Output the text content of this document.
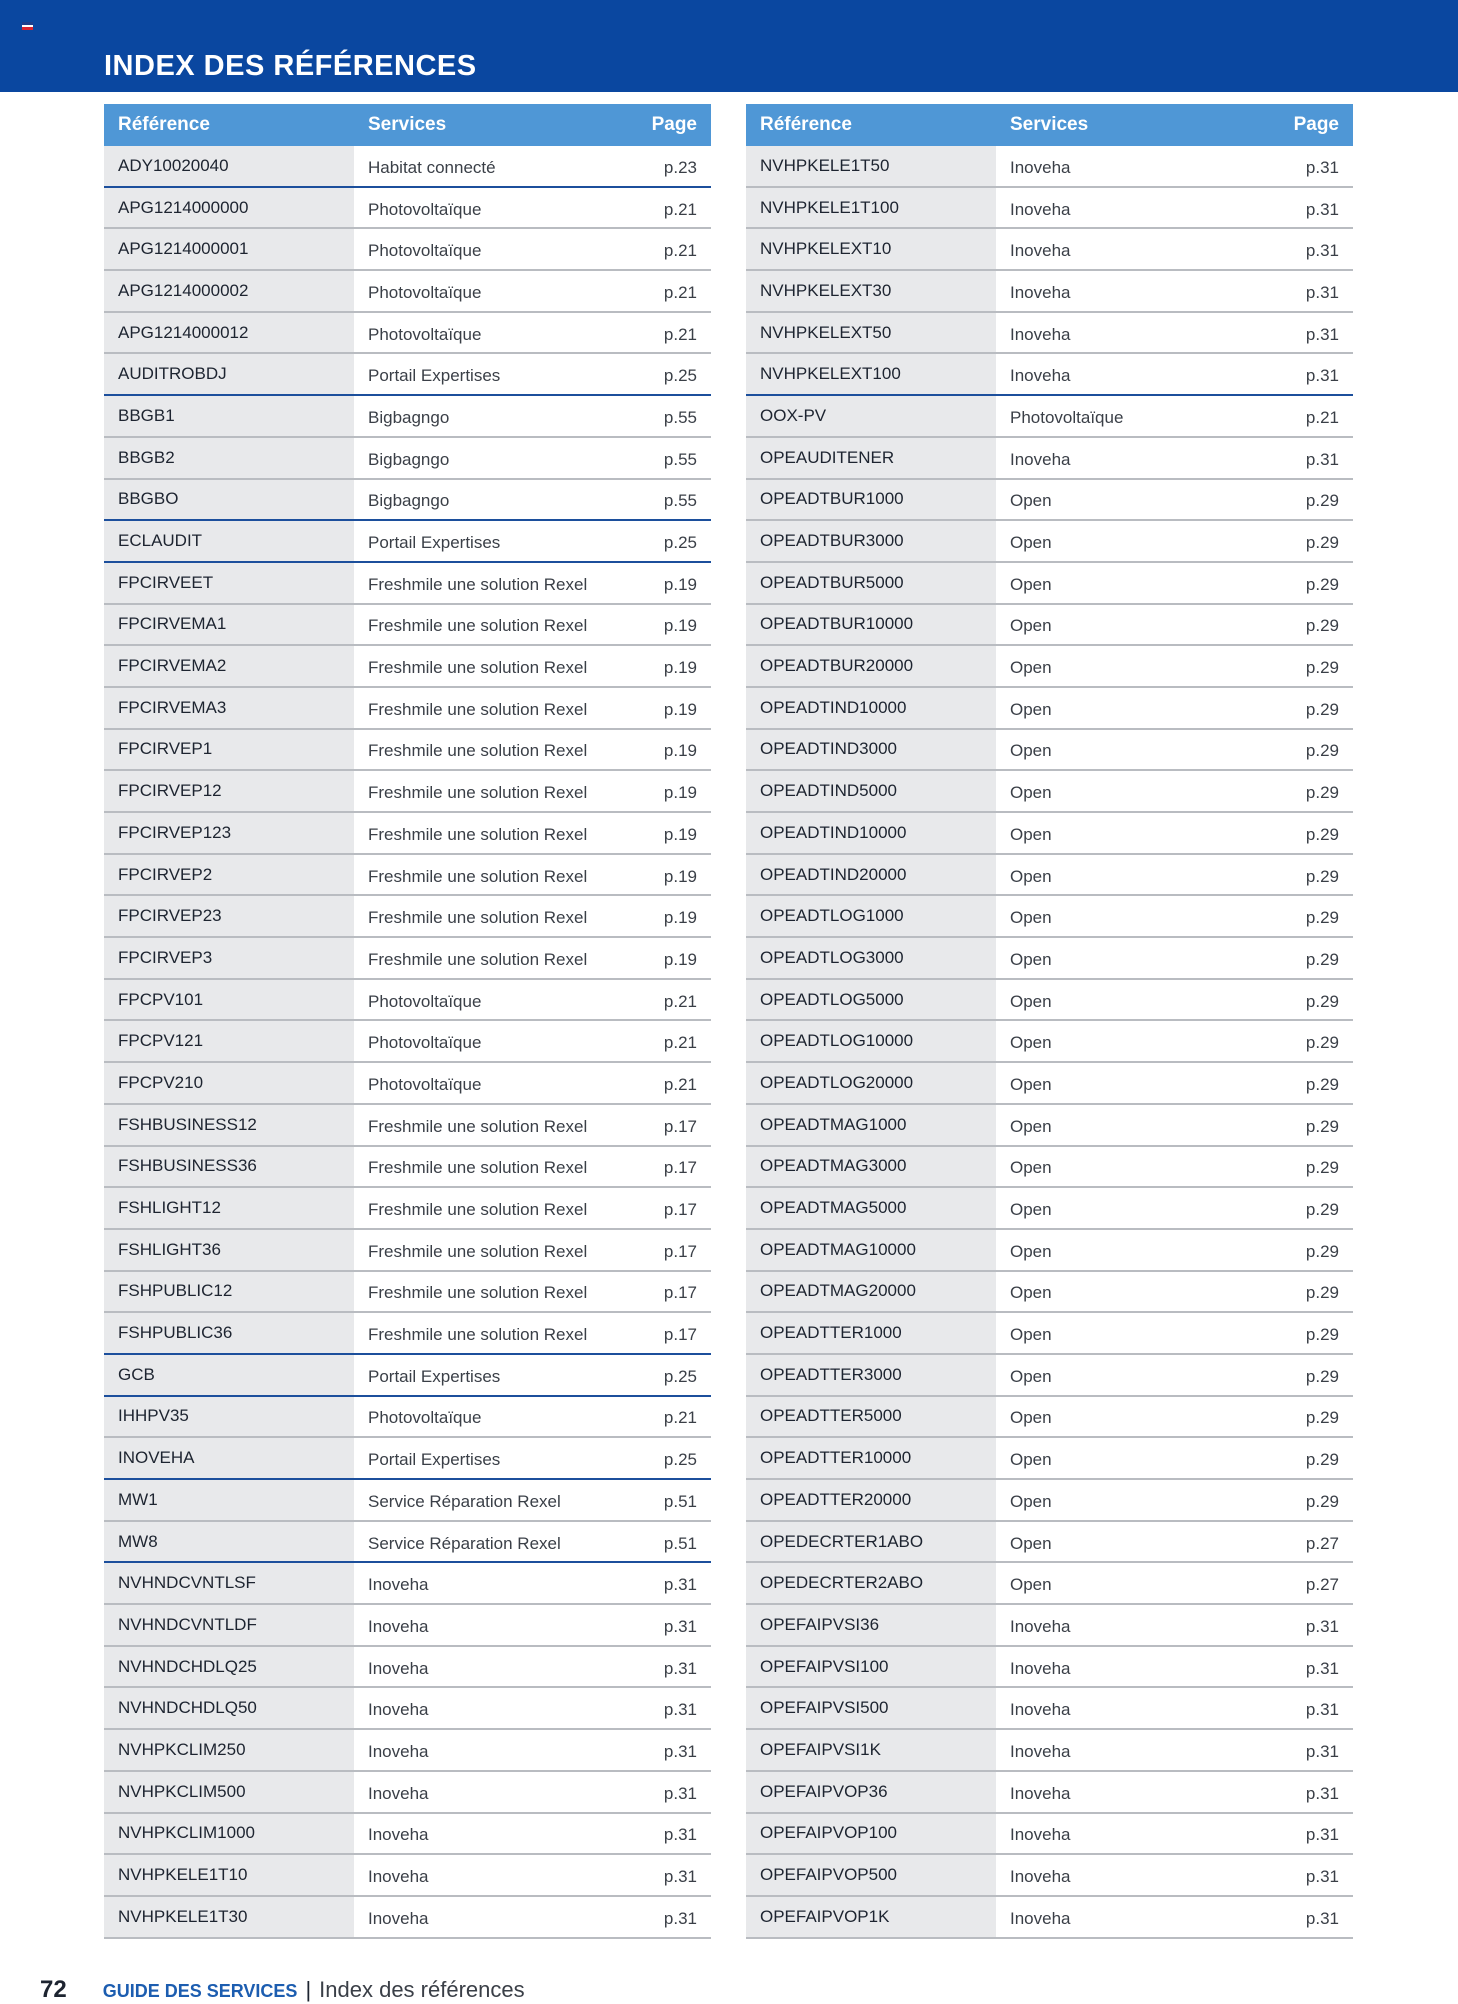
INDEX DES RÉFÉRENCES
Référence	Services	Page
ADY10020040	Habitat connecté	p.23
APG1214000000	Photovoltaïque	p.21
APG1214000001	Photovoltaïque	p.21
APG1214000002	Photovoltaïque	p.21
APG1214000012	Photovoltaïque	p.21
AUDITROBDJ	Portail Expertises	p.25
BBGB1	Bigbagngo	p.55
BBGB2	Bigbagngo	p.55
BBGBO	Bigbagngo	p.55
ECLAUDIT	Portail Expertises	p.25
FPCIRVEET	Freshmile une solution Rexel	p.19
FPCIRVEMA1	Freshmile une solution Rexel	p.19
FPCIRVEMA2	Freshmile une solution Rexel	p.19
FPCIRVEMA3	Freshmile une solution Rexel	p.19
FPCIRVEP1	Freshmile une solution Rexel	p.19
FPCIRVEP12	Freshmile une solution Rexel	p.19
FPCIRVEP123	Freshmile une solution Rexel	p.19
FPCIRVEP2	Freshmile une solution Rexel	p.19
FPCIRVEP23	Freshmile une solution Rexel	p.19
FPCIRVEP3	Freshmile une solution Rexel	p.19
FPCPV101	Photovoltaïque	p.21
FPCPV121	Photovoltaïque	p.21
FPCPV210	Photovoltaïque	p.21
FSHBUSINESS12	Freshmile une solution Rexel	p.17
FSHBUSINESS36	Freshmile une solution Rexel	p.17
FSHLIGHT12	Freshmile une solution Rexel	p.17
FSHLIGHT36	Freshmile une solution Rexel	p.17
FSHPUBLIC12	Freshmile une solution Rexel	p.17
FSHPUBLIC36	Freshmile une solution Rexel	p.17
GCB	Portail Expertises	p.25
IHHPV35	Photovoltaïque	p.21
INOVEHA	Portail Expertises	p.25
MW1	Service Réparation Rexel	p.51
MW8	Service Réparation Rexel	p.51
NVHNDCVNTLSF	Inoveha	p.31
NVHNDCVNTLDF	Inoveha	p.31
NVHNDCHDLQ25	Inoveha	p.31
NVHNDCHDLQ50	Inoveha	p.31
NVHPKCLIM250	Inoveha	p.31
NVHPKCLIM500	Inoveha	p.31
NVHPKCLIM1000	Inoveha	p.31
NVHPKELE1T10	Inoveha	p.31
NVHPKELE1T30	Inoveha	p.31
Référence	Services	Page
NVHPKELE1T50	Inoveha	p.31
NVHPKELE1T100	Inoveha	p.31
NVHPKELEXT10	Inoveha	p.31
NVHPKELEXT30	Inoveha	p.31
NVHPKELEXT50	Inoveha	p.31
NVHPKELEXT100	Inoveha	p.31
OOX-PV	Photovoltaïque	p.21
OPEAUDITENER	Inoveha	p.31
OPEADTBUR1000	Open	p.29
OPEADTBUR3000	Open	p.29
OPEADTBUR5000	Open	p.29
OPEADTBUR10000	Open	p.29
OPEADTBUR20000	Open	p.29
OPEADTIND10000	Open	p.29
OPEADTIND3000	Open	p.29
OPEADTIND5000	Open	p.29
OPEADTIND10000	Open	p.29
OPEADTIND20000	Open	p.29
OPEADTLOG1000	Open	p.29
OPEADTLOG3000	Open	p.29
OPEADTLOG5000	Open	p.29
OPEADTLOG10000	Open	p.29
OPEADTLOG20000	Open	p.29
OPEADTMAG1000	Open	p.29
OPEADTMAG3000	Open	p.29
OPEADTMAG5000	Open	p.29
OPEADTMAG10000	Open	p.29
OPEADTMAG20000	Open	p.29
OPEADTTER1000	Open	p.29
OPEADTTER3000	Open	p.29
OPEADTTER5000	Open	p.29
OPEADTTER10000	Open	p.29
OPEADTTER20000	Open	p.29
OPEDECRTER1ABO	Open	p.27
OPEDECRTER2ABO	Open	p.27
OPEFAIPVSI36	Inoveha	p.31
OPEFAIPVSI100	Inoveha	p.31
OPEFAIPVSI500	Inoveha	p.31
OPEFAIPVSI1K	Inoveha	p.31
OPEFAIPVOP36	Inoveha	p.31
OPEFAIPVOP100	Inoveha	p.31
OPEFAIPVOP500	Inoveha	p.31
OPEFAIPVOP1K	Inoveha	p.31
72 GUIDE DES SERVICES | Index des références
